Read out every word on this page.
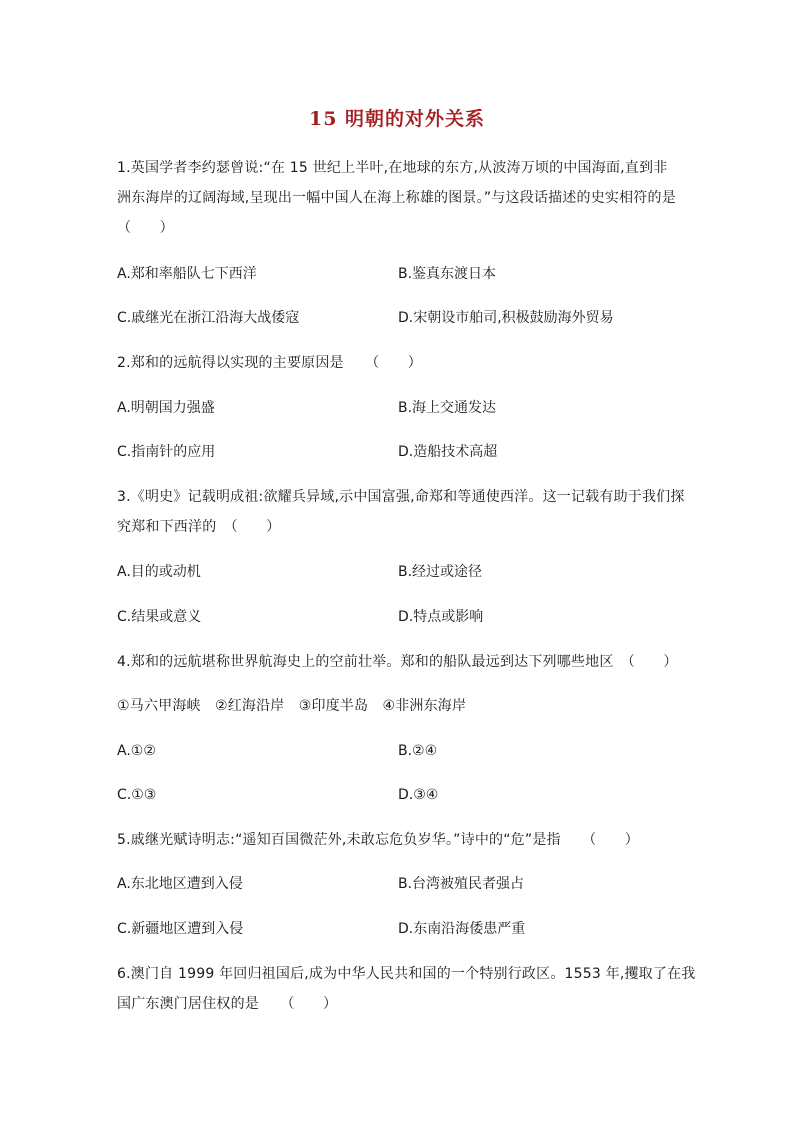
15 明朝的对外关系
1.英国学者李约瑟曾说:“在 15 世纪上半叶,在地球的东方,从波涛万顷的中国海面,直到非
洲东海岸的辽阔海域,呈现出一幅中国人在海上称雄的图景。”与这段话描述的史实相符的是
（　　）
A.郑和率船队七下西洋	B.鉴真东渡日本
C.戚继光在浙江沿海大战倭寇	D.宋朝设市舶司,积极鼓励海外贸易
2.郑和的远航得以实现的主要原因是　　（　　）
A.明朝国力强盛	B.海上交通发达
C.指南针的应用	D.造船技术高超
3.《明史》记载明成祖:欲耀兵异域,示中国富强,命郑和等通使西洋。这一记载有助于我们探
究郑和下西洋的　（　　）
A.目的或动机	B.经过或途径
C.结果或意义	D.特点或影响
4.郑和的远航堪称世界航海史上的空前壮举。郑和的船队最远到达下列哪些地区　（　　）
①马六甲海峡　②红海沿岸　③印度半岛　④非洲东海岸
A.①②	B.②④
C.①③	D.③④
5.戚继光赋诗明志:“遥知百国微茫外,未敢忘危负岁华。”诗中的“危”是指　　（　　）
A.东北地区遭到入侵	B.台湾被殖民者强占
C.新疆地区遭到入侵	D.东南沿海倭患严重
6.澳门自 1999 年回归祖国后,成为中华人民共和国的一个特别行政区。1553 年,攫取了在我
国广东澳门居住权的是　　（　　）
